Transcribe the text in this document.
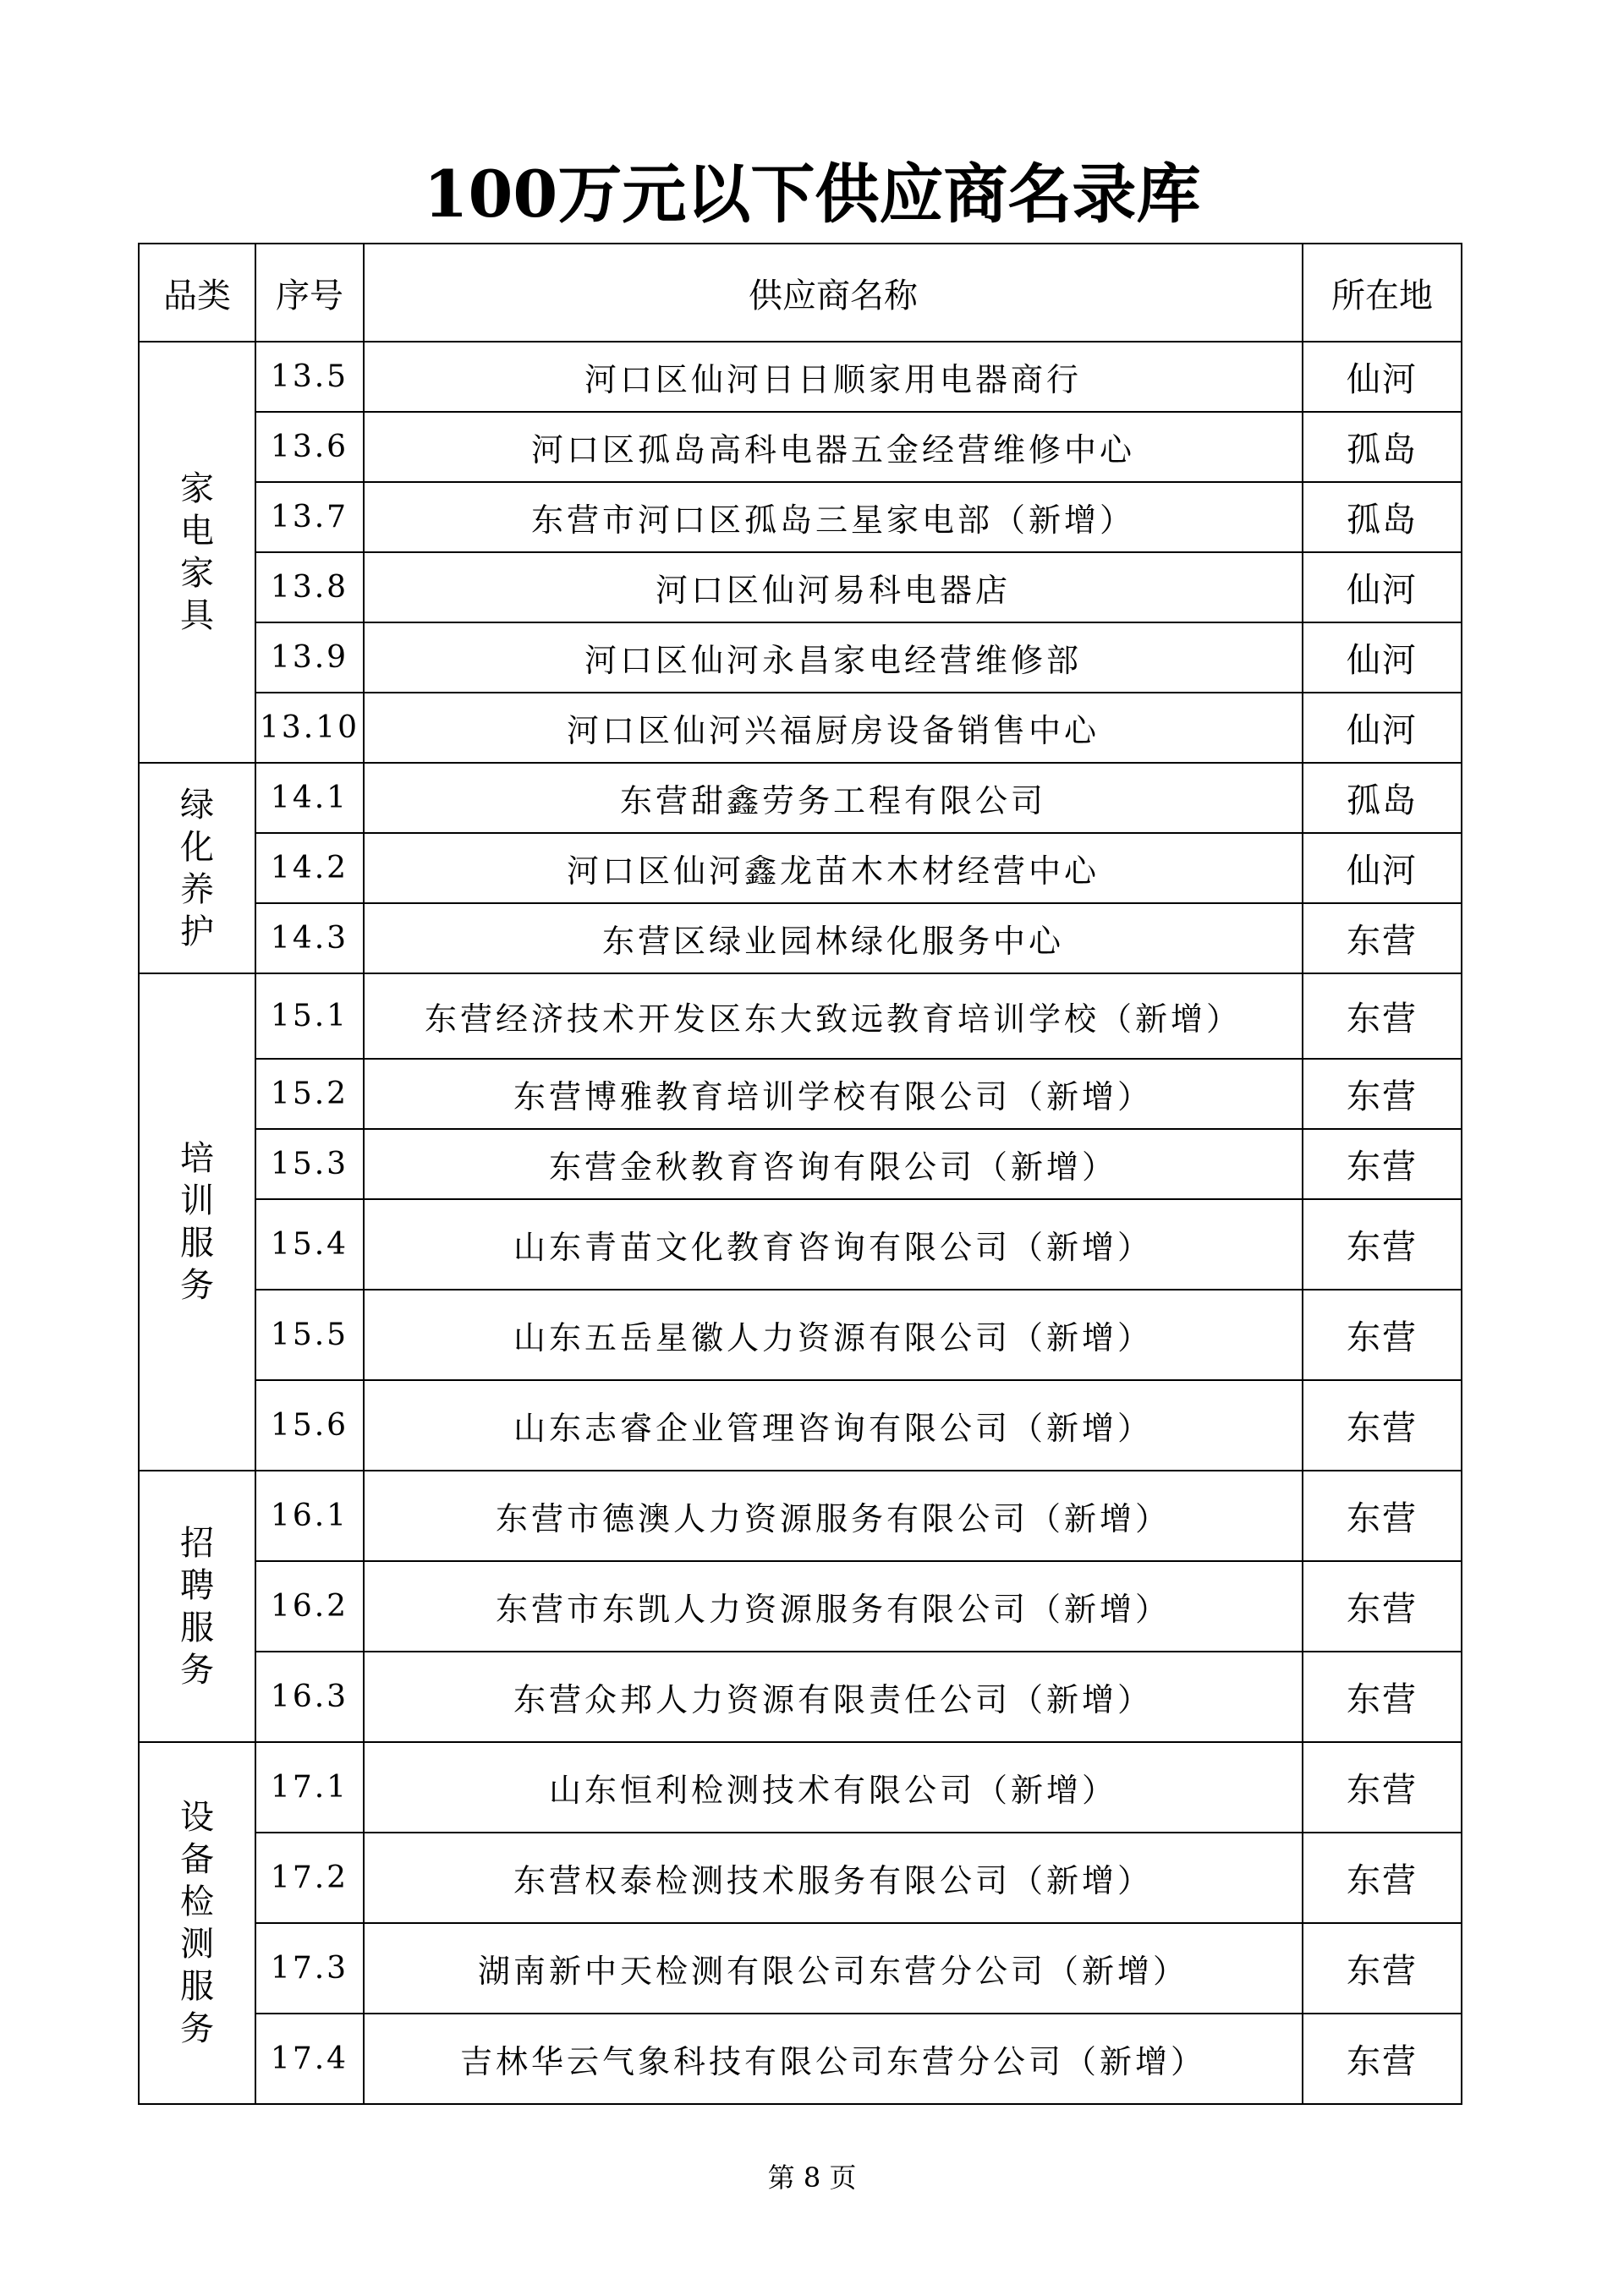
100万元以下供应商名录库
品类	序号	供应商名称	所在地
家电家具	13.5	河口区仙河日日顺家用电器商行	仙河
	13.6	河口区孤岛高科电器五金经营维修中心	孤岛
	13.7	东营市河口区孤岛三星家电部（新增）	孤岛
	13.8	河口区仙河易科电器店	仙河
	13.9	河口区仙河永昌家电经营维修部	仙河
	13.10	河口区仙河兴福厨房设备销售中心	仙河
绿化养护	14.1	东营甜鑫劳务工程有限公司	孤岛
	14.2	河口区仙河鑫龙苗木木材经营中心	仙河
	14.3	东营区绿业园林绿化服务中心	东营
培训服务	15.1	东营经济技术开发区东大致远教育培训学校（新增）	东营
	15.2	东营博雅教育培训学校有限公司（新增）	东营
	15.3	东营金秋教育咨询有限公司（新增）	东营
	15.4	山东青苗文化教育咨询有限公司（新增）	东营
	15.5	山东五岳星徽人力资源有限公司（新增）	东营
	15.6	山东志睿企业管理咨询有限公司（新增）	东营
招聘服务	16.1	东营市德澳人力资源服务有限公司（新增）	东营
	16.2	东营市东凯人力资源服务有限公司（新增）	东营
	16.3	东营众邦人力资源有限责任公司（新增）	东营
设备检测服务	17.1	山东恒利检测技术有限公司（新增）	东营
	17.2	东营权泰检测技术服务有限公司（新增）	东营
	17.3	湖南新中天检测有限公司东营分公司（新增）	东营
	17.4	吉林华云气象科技有限公司东营分公司（新增）	东营
第 8 页
